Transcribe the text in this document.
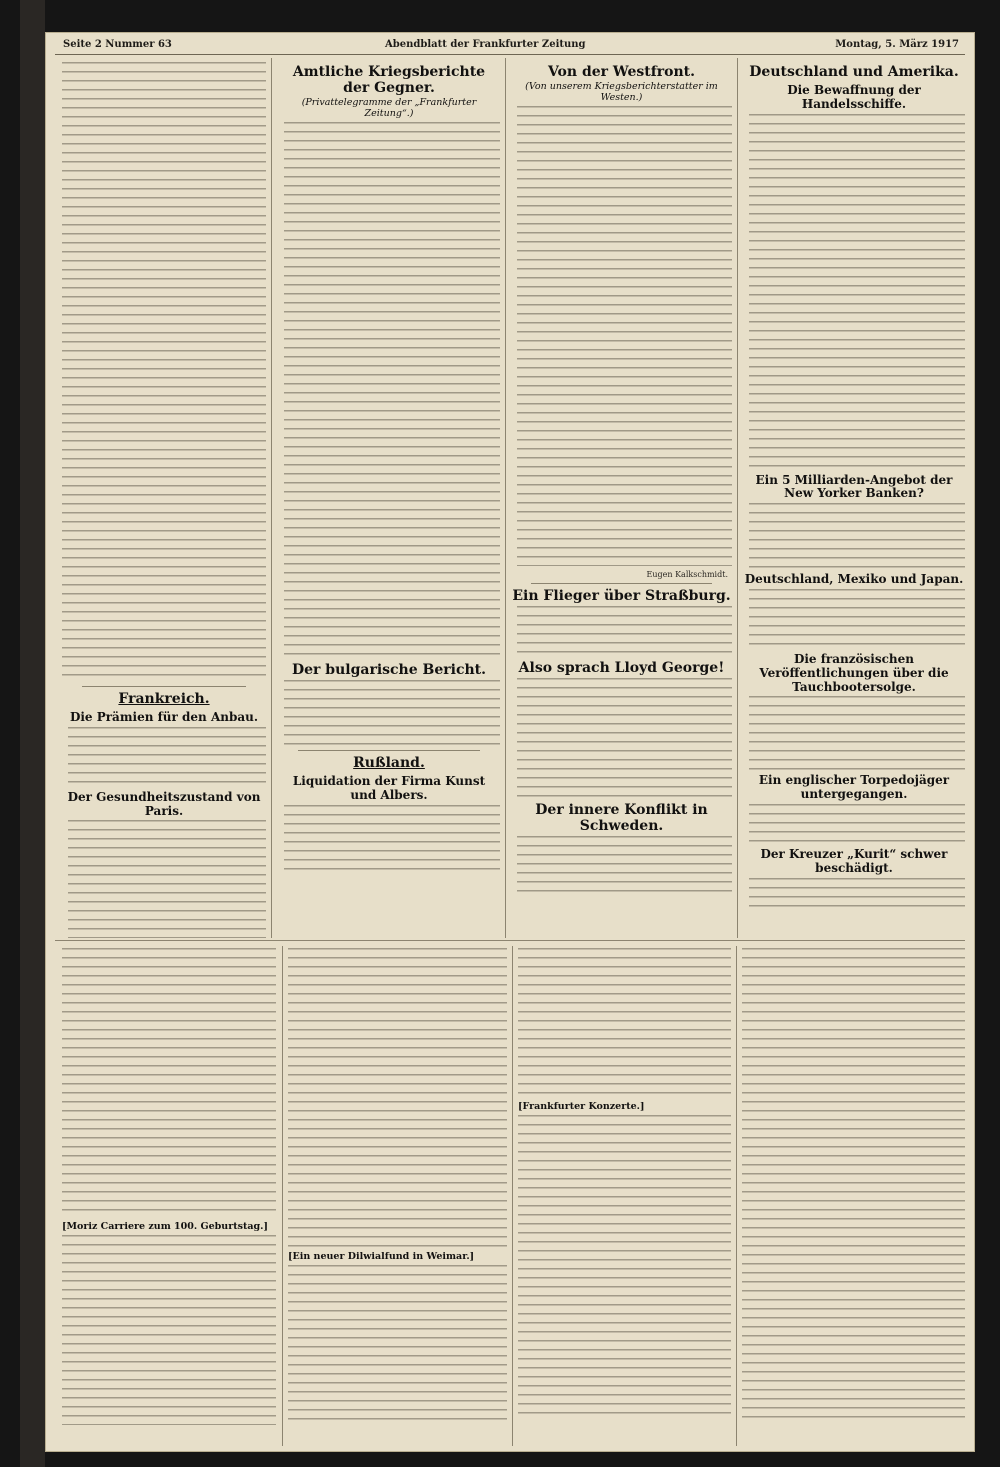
Seite 2 Nummer 63	Abendblatt der Frankfurter Zeitung	Montag, 5. März 1917
Frankreich.
Die Prämien für den Anbau.
Der Gesundheitszustand von Paris.
Amtliche Kriegsberichte der Gegner.
(Privattelegramme der „Frankfurter Zeitung“.)
Der bulgarische Bericht.
Rußland.
Liquidation der Firma Kunst und Albers.
Von der Westfront.
(Von unserem Kriegsberichterstatter im Westen.)
Eugen Kalkschmidt.
Ein Flieger über Straßburg.
Also sprach Lloyd George!
Der innere Konflikt in Schweden.
Deutschland und Amerika.
Die Bewaffnung der Handelsschiffe.
Ein 5 Milliarden-Angebot der New Yorker Banken?
Deutschland, Mexiko und Japan.
Die französischen Veröffentlichungen über die Tauchbootersolge.
Ein englischer Torpedojäger untergegangen.
Der Kreuzer „Kurit“ schwer beschädigt.
[Moriz Carriere zum 100. Geburtstag.]
[Ein neuer Dilwialfund in Weimar.]
[Frankfurter Konzerte.]
